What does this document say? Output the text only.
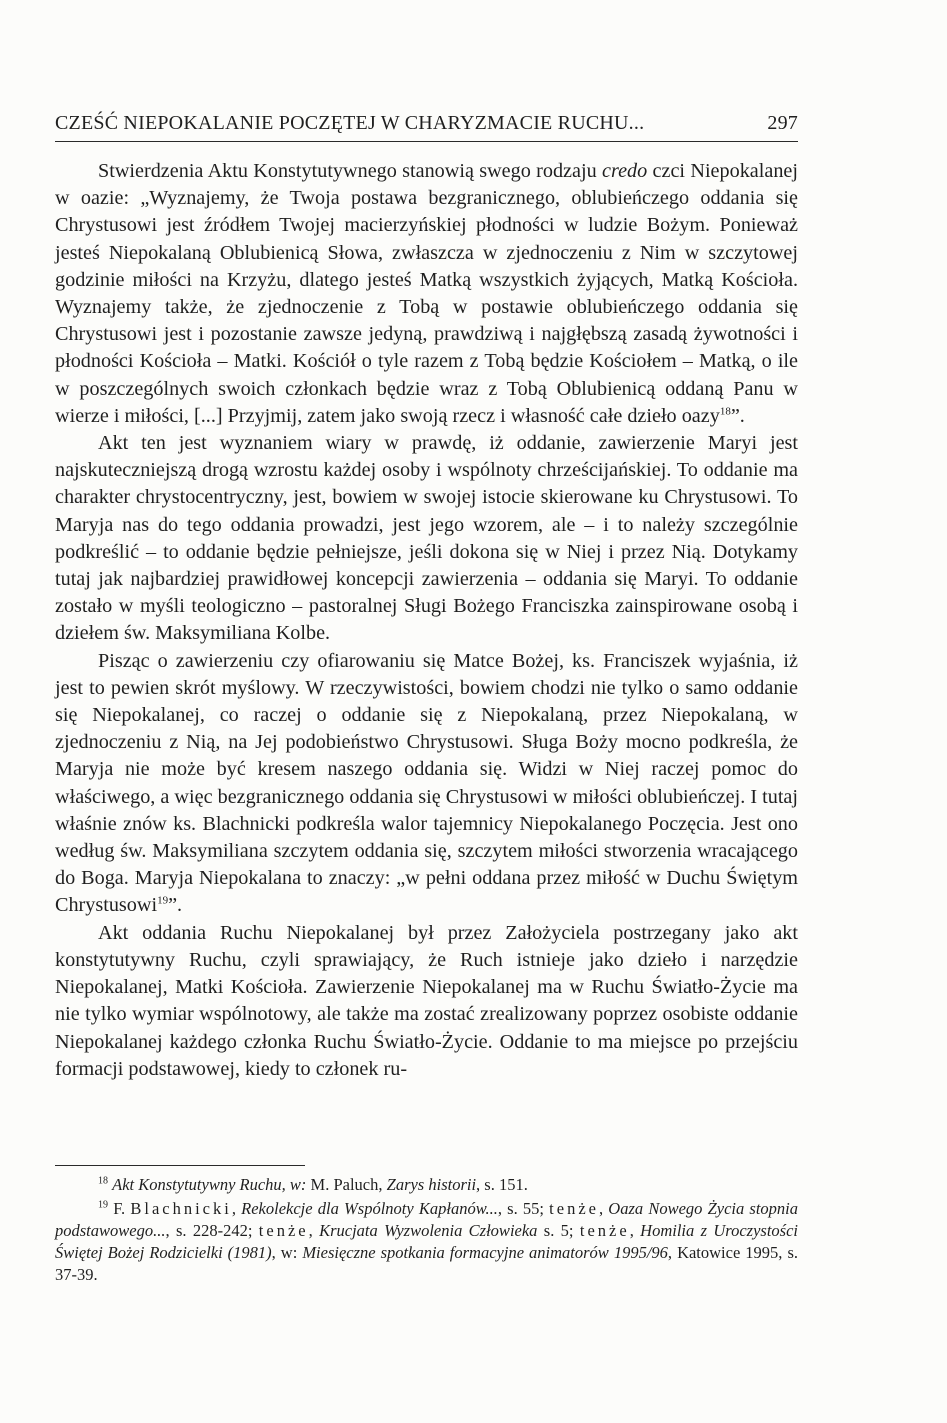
CZEŚĆ NIEPOKALANIE POCZĘTEJ W CHARYZMACIE RUCHU...	297

Stwierdzenia Aktu Konstytutywnego stanowią swego rodzaju credo czci Niepokalanej w oazie: „Wyznajemy, że Twoja postawa bezgranicznego, oblubieńczego oddania się Chrystusowi jest źródłem Twojej macierzyńskiej płodności w ludzie Bożym. Ponieważ jesteś Niepokalaną Oblubienicą Słowa, zwłaszcza w zjednoczeniu z Nim w szczytowej godzinie miłości na Krzyżu, dlatego jesteś Matką wszystkich żyjących, Matką Kościoła. Wyznajemy także, że zjednoczenie z Tobą w postawie oblubieńczego oddania się Chrystusowi jest i pozostanie zawsze jedyną, prawdziwą i najgłębszą zasadą żywotności i płodności Kościoła – Matki. Kościół o tyle razem z Tobą będzie Kościołem – Matką, o ile w poszczególnych swoich członkach będzie wraz z Tobą Oblubienicą oddaną Panu w wierze i miłości, [...] Przyjmij, zatem jako swoją rzecz i własność całe dzieło oazy$^{18}$”.

Akt ten jest wyznaniem wiary w prawdę, iż oddanie, zawierzenie Maryi jest najskuteczniejszą drogą wzrostu każdej osoby i wspólnoty chrześcijańskiej. To oddanie ma charakter chrystocentryczny, jest, bowiem w swojej istocie skierowane ku Chrystusowi. To Maryja nas do tego oddania prowadzi, jest jego wzorem, ale – i to należy szczególnie podkreślić – to oddanie będzie pełniejsze, jeśli dokona się w Niej i przez Nią. Dotykamy tutaj jak najbardziej prawidłowej koncepcji zawierzenia – oddania się Maryi. To oddanie zostało w myśli teologiczno – pastoralnej Sługi Bożego Franciszka zainspirowane osobą i dziełem św. Maksymiliana Kolbe.

Pisząc o zawierzeniu czy ofiarowaniu się Matce Bożej, ks. Franciszek wyjaśnia, iż jest to pewien skrót myślowy. W rzeczywistości, bowiem chodzi nie tylko o samo oddanie się Niepokalanej, co raczej o oddanie się z Niepokalaną, przez Niepokalaną, w zjednoczeniu z Nią, na Jej podobieństwo Chrystusowi. Sługa Boży mocno podkreśla, że Maryja nie może być kresem naszego oddania się. Widzi w Niej raczej pomoc do właściwego, a więc bezgranicznego oddania się Chrystusowi w miłości oblubieńczej. I tutaj właśnie znów ks. Blachnicki podkreśla walor tajemnicy Niepokalanego Poczęcia. Jest ono według św. Maksymiliana szczytem oddania się, szczytem miłości stworzenia wracającego do Boga. Maryja Niepokalana to znaczy: „w pełni oddana przez miłość w Duchu Świętym Chrystusowi$^{19}$”.

Akt oddania Ruchu Niepokalanej był przez Założyciela postrzegany jako akt konstytutywny Ruchu, czyli sprawiający, że Ruch istnieje jako dzieło i narzędzie Niepokalanej, Matki Kościoła. Zawierzenie Niepokalanej ma w Ruchu Światło-Życie ma nie tylko wymiar wspólnotowy, ale także ma zostać zrealizowany poprzez osobiste oddanie Niepokalanej każdego członka Ruchu Światło-Życie. Oddanie to ma miejsce po przejściu formacji podstawowej, kiedy to członek ru-

$^{18}$ Akt Konstytutywny Ruchu, w: M. Paluch, Zarys historii, s. 151.

$^{19}$ F. Blachnicki, Rekolekcje dla Wspólnoty Kapłanów..., s. 55; tenże, Oaza Nowego Życia stopnia podstawowego..., s. 228-242; tenże, Krucjata Wyzwolenia Człowieka s. 5; tenże, Homilia z Uroczystości Świętej Bożej Rodzicielki (1981), w: Miesięczne spotkania formacyjne animatorów 1995/96, Katowice 1995, s. 37-39.
